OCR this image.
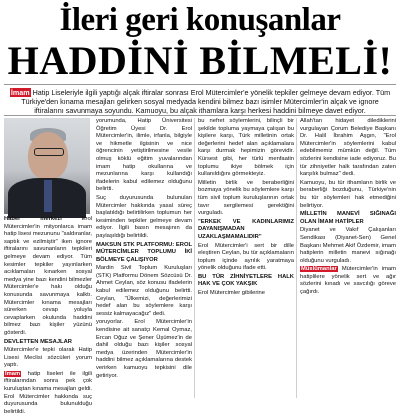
İleri geri konuşanlar
HADDİNİ BİLMELİ!
İmam Hatip Liseleriyle ilgili yaptığı alçak iftiralar sonrası Erol Mütercimler'e yönelik tepkiler gelmeye devam ediyor. Tüm Türkiye'den kınama mesajları gelirken sosyal medyada kendini bilmez bazı isimler Mütercimler'in alçak ve ignore iftiralarını savunmaya soyundu. Kamuoyu, bu alçak ithamlara karşı herkesi haddini bilmeye davet ediyor.

Haber merkezi	Erol Mütercimler'in mityonlarca imam hatip lisesi mezununu "saldıranlar, saptık ve ezilmiştir" iken ignore iftiralarını savunanların tepkileri gelmeye devam ediyor. Tüm kesimler tepkiler yayınlarken acıklamaları kınarken sosyal medya yine bazı kendini bilmezler Mütercimler'e hakı olduğu konusunda savunmaya kalktı. Mütercimler kınama mesajları sürerken cevap yoluyla cevaplarken okulunda haddini bilmez bazı kişiler yüzünü gösterdi.

DEVLETTEN MESAJLAR

Mütercimler'e tepki olarak Hatip Lisesi Meclisi sözcüleri yorum yaptı.

İmam hatip liseleri ile ilgili iftiralarından sonra pek çok kuruluştan kınama mesajları geldi. Erol Mütercimler hakkında suç duyurusunda bulunulduğu belirtildi.

yorumunda, Hatip Üniversitesi Öğretim Üyesi Dr. Erol Mütercimler'in, ilimle, irfanla, bilgiyle ve hikmetle ilgisinin ve nice öğrencinin yetiştirilmesine vesile olmuş köklü eğitim yuvalarından imam hatip okullarına ve mezunlarına karşı kullandığı ifadelerin kabul edilemez olduğunu belirtti.

Suç duyurusunda bulunulan Mütercimler hakkında yasal süreç başlatıldığı belirtilirken toplumun her kesiminden tepkiler gelmeye devam ediyor. İlgili basın mesajının da paylaşıldığı belirtildi.

MAKSUN STK PLATFORMU: EROL MÜTERCİMLER TOPLUMU İKİ BÖLMEYE ÇALIŞIYOR

Mardin Sivil Toplum Kuruluşları (STK) Platformu Dönem Sözcüsü Dr. Ahmet Ceylan, söz konusu ifadelerin kabul edilemez olduğunu belirtti. Ceylan, "Ülkemizi, değerlerimizi hedef alan bu söylemlere karşı sessiz kalmayacağız" dedi.

yoruyorlar. Erol Mütercimler'in kendisine ait sanatçı Kemal Oymaz, Ercan Oğuz ve Şener Üşümez'in de dahil olduğu bazı kişiler sosyal medya üzerinden Mütercimler'in haddini bilmez açıklamalarına destek verirken kamuoyu tepkisini dile getiriyor.

bu nefret söylemlerini, bilinçli bir şekilde topluma yaymaya çalışan bu kişilere karşı, Türk milletinin ortak değerlerini hedef alan açıklamalara karşı durmak hepimizin görevidir. Kürsest gibi, her türlü menfaatin toplumu ikiye bölmek için kullanıldığını görmekteyiz.

Milletin birlik ve beraberliğini bozmaya yönelik bu söylemlere karşı tüm sivil toplum kuruluşlarının ortak tavır sergilemesi gerektiğini vurguladı.

"ERKEK VE KADINLARIMIZ DAYANIŞMADAN UZAKLAŞMAMALIDIR"

Erol Mütercimler'i sert bir dille eleştiren Ceylan, bu tür açıklamaların toplum içinde ayrılık yaratmaya yönelik olduğunu ifade etti.

BU TÜR ZİHNİYETLERE HALK HAK VE ÇOK YAKŞIK

Erol Mütercimler gibilerine

Allah'tan hidayet dilediklerini vurgulayan Çorum Belediye Başkanı Dr. Halil İbrahim Aşgın, "Erol Mütercimler'in söylemlerini kabul edebilmemiz mümkün değil. Tüm sözlerini kendisine iade ediyoruz. Bu tür zihniyetler halk tarafından zaten karşılık bulmaz" dedi.

Kamuoyu, bu tür ithamların birlik ve beraberliği bozduğunu, Türkiye'nin bu tür söylemleri hak etmediğini belirtiyor.

MİLLETİN MANEVİ SIĞINAĞI OLAN İMAM HATİPLER

Diyanet ve Vakıf Çalışanları Sendikası (Diyanet-Sen) Genel Başkanı Mehmet Akif Özdemir, imam hatiplerin milletin manevi sığınağı olduğunu vurguladı.

Müslümanlar Mütercimler'in imam hatiplilere yönelik sert ve ağır sözlerini kınadı ve savcılığı göreve çağırdı.
